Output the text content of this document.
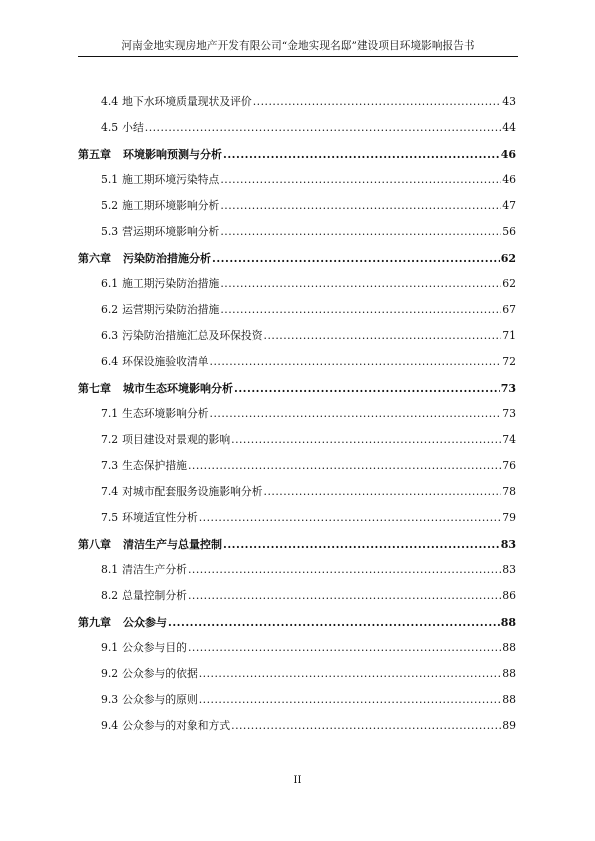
河南金地实现房地产开发有限公司“金地实现名邸”建设项目环境影响报告书
4.4 地下水环境质量现状及评价 .....	43
4.5 小结 .....	44
第五章 环境影响预测与分析 .....	46
5.1 施工期环境污染特点 .....	46
5.2 施工期环境影响分析 .....	47
5.3 营运期环境影响分析 .....	56
第六章 污染防治措施分析 .....	62
6.1 施工期污染防治措施 .....	62
6.2 运营期污染防治措施 .....	67
6.3 污染防治措施汇总及环保投资 .....	71
6.4 环保设施验收清单 .....	72
第七章 城市生态环境影响分析 .....	73
7.1 生态环境影响分析 .....	73
7.2 项目建设对景观的影响 .....	74
7.3 生态保护措施 .....	76
7.4 对城市配套服务设施影响分析 .....	78
7.5 环境适宜性分析 .....	79
第八章 清洁生产与总量控制 .....	83
8.1 清洁生产分析 .....	83
8.2 总量控制分析 .....	86
第九章 公众参与 .....	88
9.1 公众参与目的 .....	88
9.2 公众参与的依据 .....	88
9.3 公众参与的原则 .....	88
9.4 公众参与的对象和方式 .....	89
II
